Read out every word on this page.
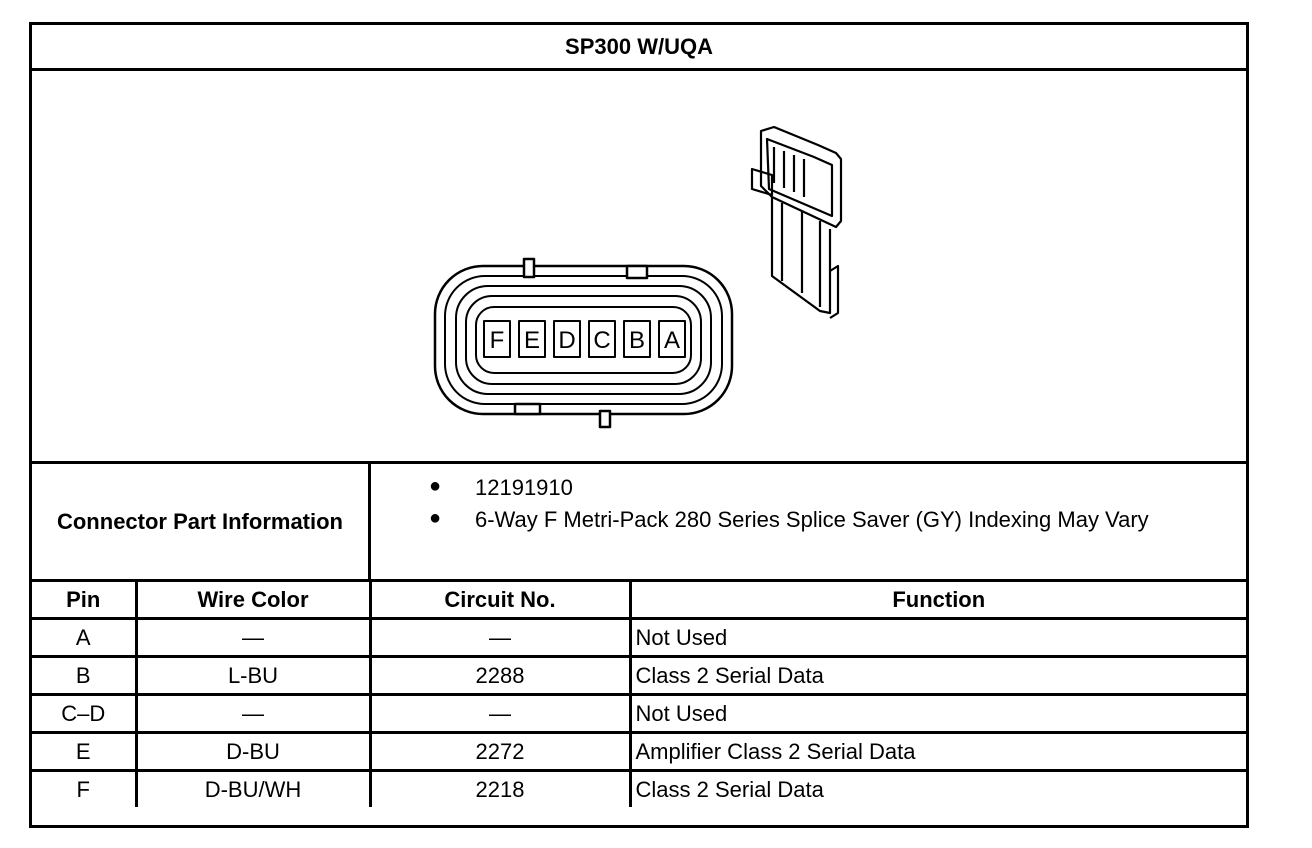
SP300 W/UQA
F E D C B A
Connector Part Information
● 12191910
● 6-Way F Metri-Pack 280 Series Splice Saver (GY) Indexing May Vary
Pin	Wire Color	Circuit No.	Function
A	—	—	Not Used
B	L-BU	2288	Class 2 Serial Data
C–D	—	—	Not Used
E	D-BU	2272	Amplifier Class 2 Serial Data
F	D-BU/WH	2218	Class 2 Serial Data
